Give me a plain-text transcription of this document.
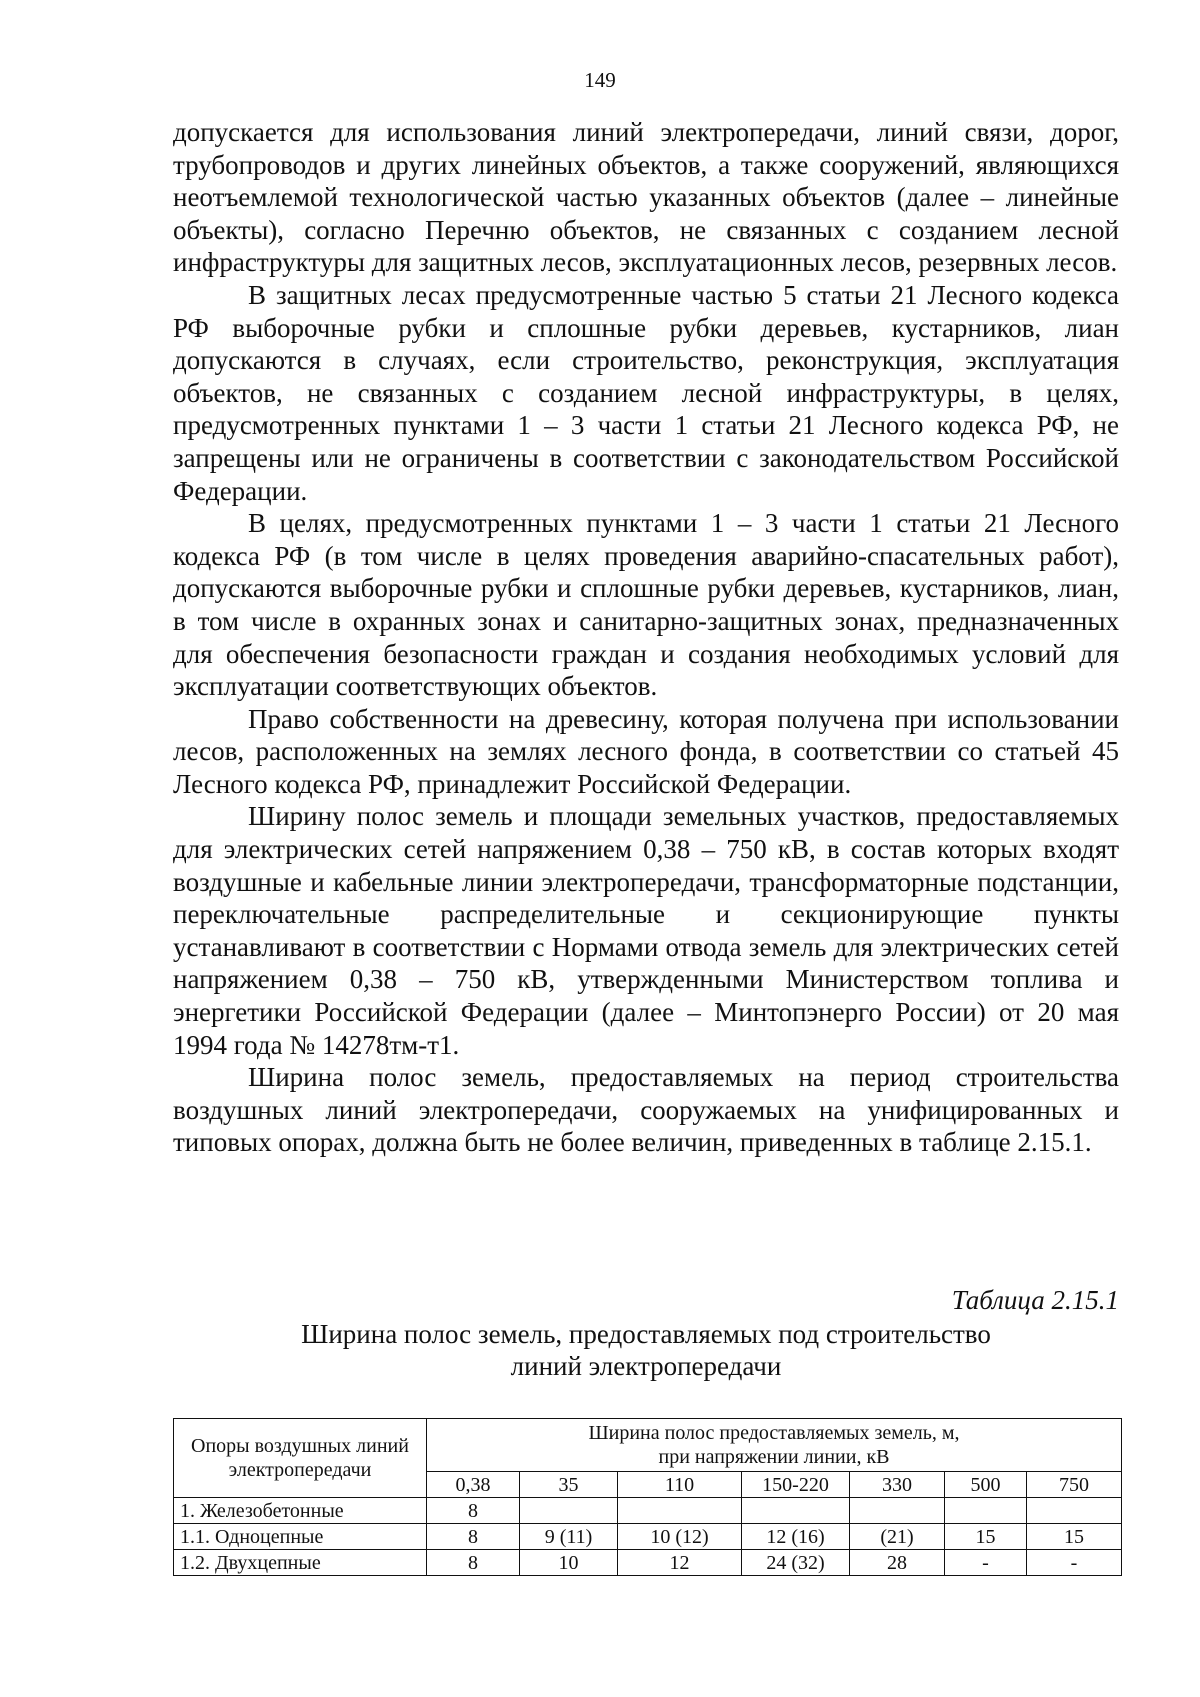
149

допускается для использования линий электропередачи, линий связи, дорог, трубопроводов и других линейных объектов, а также сооружений, являющихся неотъемлемой технологической частью указанных объектов (далее – линейные объекты), согласно Перечню объектов, не связанных с созданием лесной инфраструктуры для защитных лесов, эксплуатационных лесов, резервных лесов.

В защитных лесах предусмотренные частью 5 статьи 21 Лесного кодекса РФ выборочные рубки и сплошные рубки деревьев, кустарников, лиан допускаются в случаях, если строительство, реконструкция, эксплуатация объектов, не связанных с созданием лесной инфраструктуры, в целях, предусмотренных пунктами 1 – 3 части 1 статьи 21 Лесного кодекса РФ, не запрещены или не ограничены в соответствии с законодательством Российской Федерации.

В целях, предусмотренных пунктами 1 – 3 части 1 статьи 21 Лесного кодекса РФ (в том числе в целях проведения аварийно-спасательных работ), допускаются выборочные рубки и сплошные рубки деревьев, кустарников, лиан, в том числе в охранных зонах и санитарно-защитных зонах, предназначенных для обеспечения безопасности граждан и создания необходимых условий для эксплуатации соответствующих объектов.

Право собственности на древесину, которая получена при использовании лесов, расположенных на землях лесного фонда, в соответствии со статьей 45 Лесного кодекса РФ, принадлежит Российской Федерации.

Ширину полос земель и площади земельных участков, предоставляемых для электрических сетей напряжением 0,38 – 750 кВ, в состав которых входят воздушные и кабельные линии электропередачи, трансформаторные подстанции, переключательные распределительные и секционирующие пункты устанавливают в соответствии с Нормами отвода земель для электрических сетей напряжением 0,38 – 750 кВ, утвержденными Министерством топлива и энергетики Российской Федерации (далее – Минтопэнерго России) от 20 мая 1994 года № 14278тм-т1.

Ширина полос земель, предоставляемых на период строительства воздушных линий электропередачи, сооружаемых на унифицированных и типовых опорах, должна быть не более величин, приведенных в таблице 2.15.1.

Таблица 2.15.1
Ширина полос земель, предоставляемых под строительство
линий электропередачи
Опоры воздушных линий электропередачи	Ширина полос предоставляемых земель, м,
при напряжении линии, кВ						

	0,38	35	110	150-220	330	500	750
1. Железобетонные	8						
1.1. Одноцепные	8	9 (11)	10 (12)	12 (16)	(21)	15	15
1.2. Двухцепные	8	10	12	24 (32)	28	-	-
